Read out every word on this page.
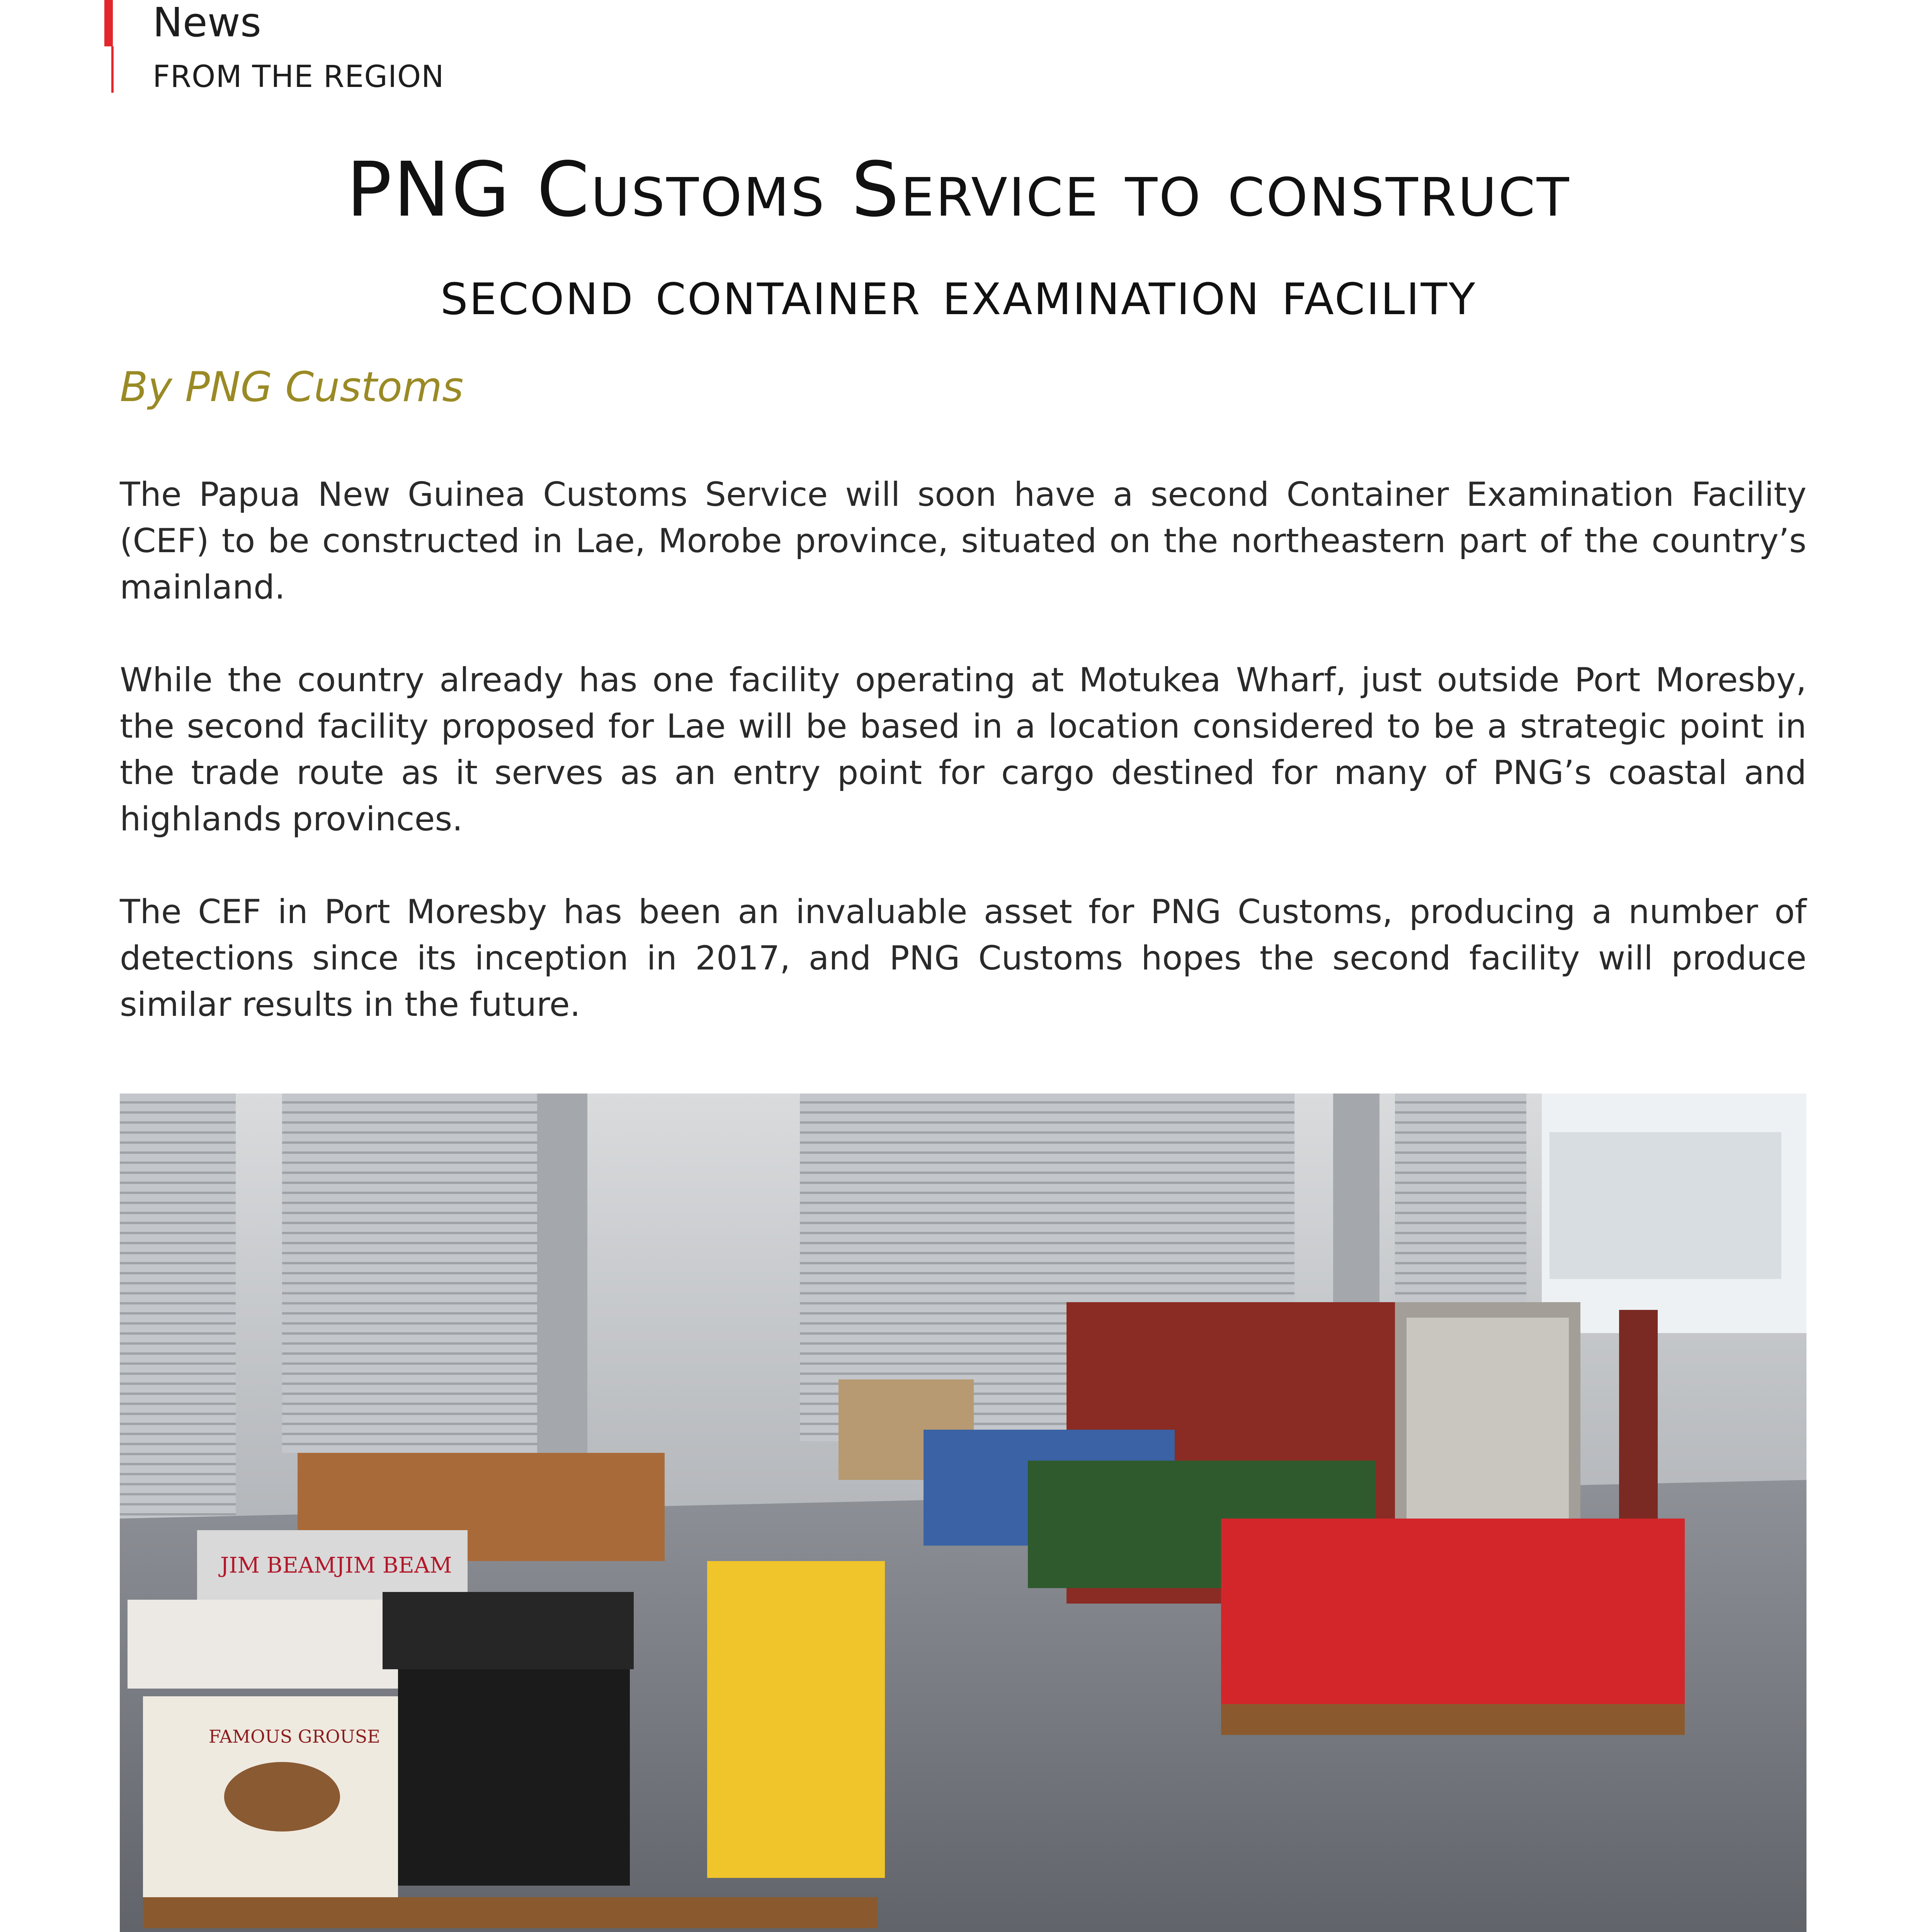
News
FROM THE REGION
PNG Customs Service to construct
second container examination facility
By PNG Customs

The Papua New Guinea Customs Service will soon have a second Container Examination Facility (CEF) to be constructed in Lae, Morobe province, situated on the northeastern part of the country’s mainland.

While the country already has one facility operating at Motukea Wharf, just outside Port Moresby, the second facility proposed for Lae will be based in a location considered to be a strategic point in the trade route as it serves as an entry point for cargo destined for many of PNG’s coastal and highlands provinces.

The CEF in Port Moresby has been an invaluable asset for PNG Customs, producing a number of detections since its inception in 2017, and PNG Customs hopes the second facility will produce similar results in the future.

JIM BEAM JIM BEAM
FAMOUS GROUSE
